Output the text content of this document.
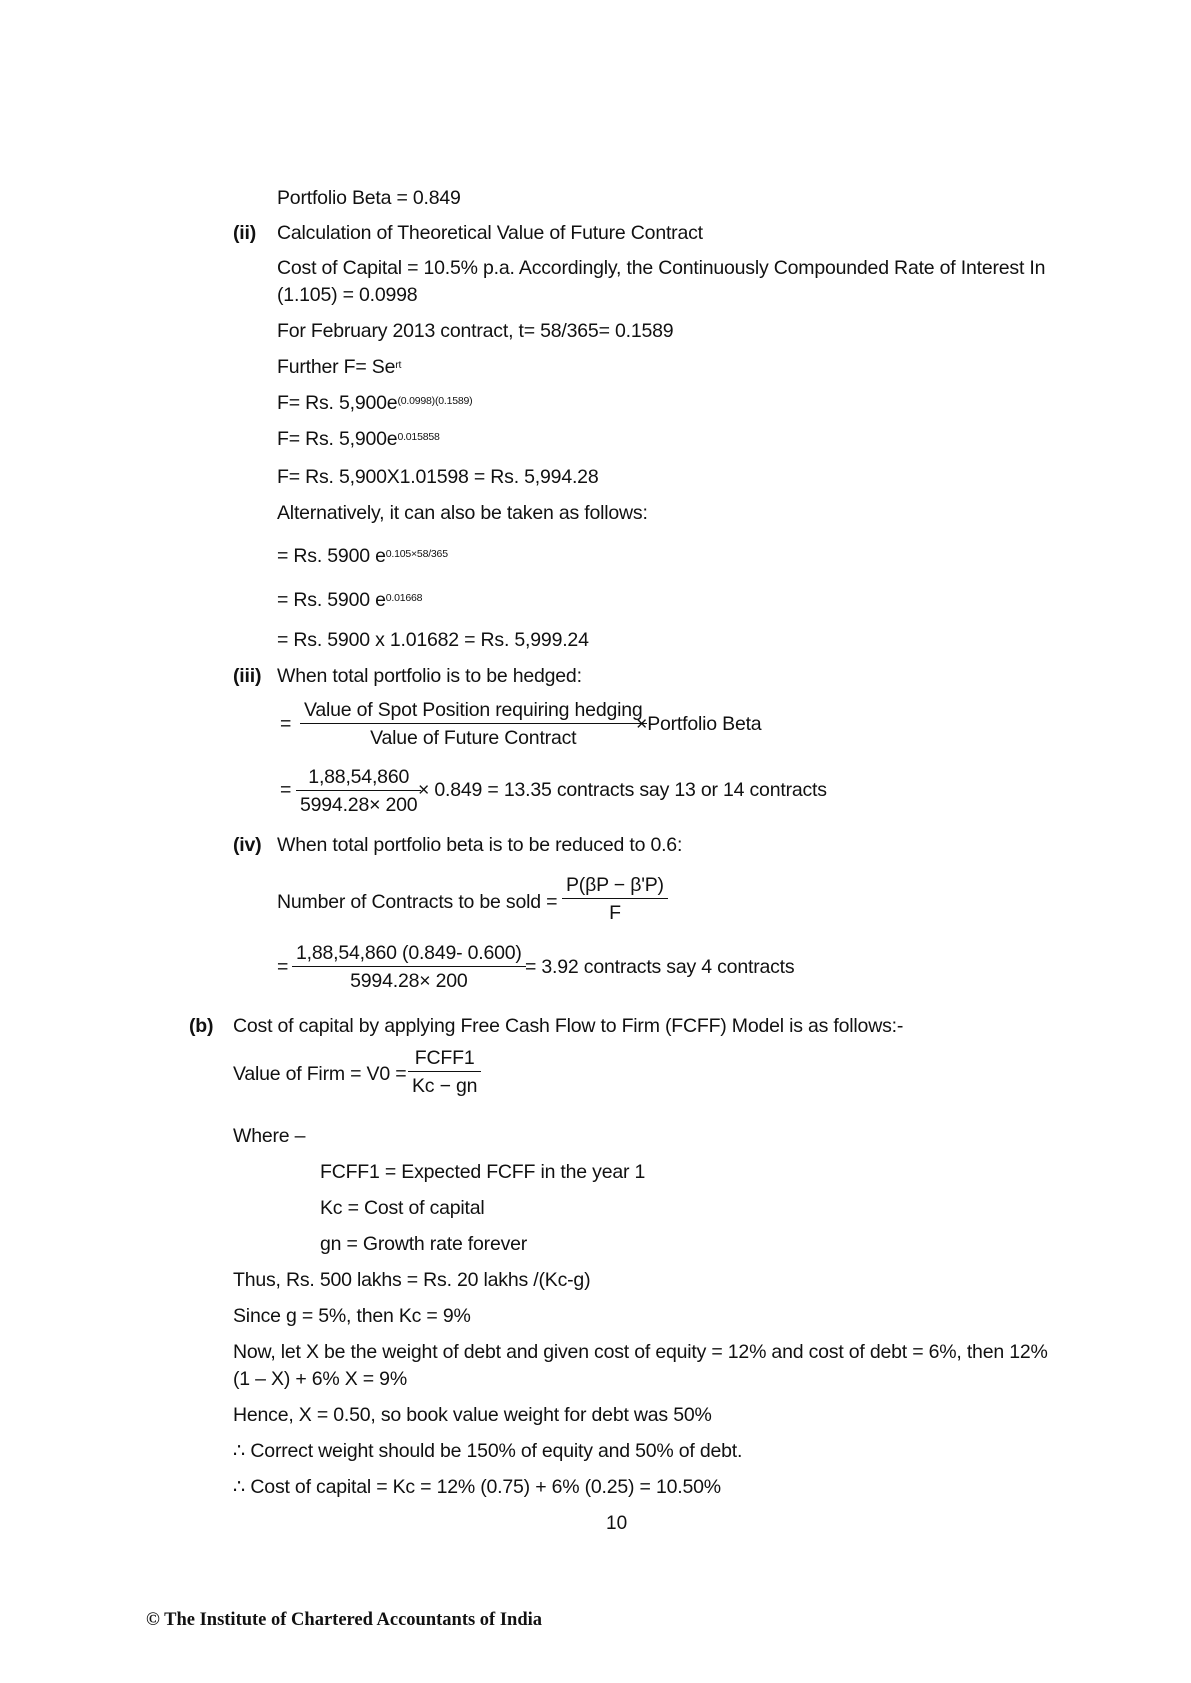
Portfolio Beta = 0.849
(ii) Calculation of Theoretical Value of Future Contract
Cost of Capital = 10.5% p.a. Accordingly, the Continuously Compounded Rate of Interest In
(1.105) = 0.0998
For February 2013 contract, t= 58/365= 0.1589
Further $F= Se^{rt}$
F= Rs. $5,900e^{(0.0998)(0.1589)}$
F= Rs. $5,900e^{0.015858}$
F= Rs. 5,900X1.01598 = Rs. 5,994.28
Alternatively, it can also be taken as follows:
= Rs. 5900 $e^{0.105\times 58/365}$
= Rs. 5900 $e^{0.01668}$
= Rs. 5900 x 1.01682 = Rs. 5,999.24
(iii) When total portfolio is to be hedged:
=
Value of Spot Position requiring hedging
Value of Future Contract
×Portfolio Beta
= $\frac{1,88,54,860}{5994.28\times 200}$
× 0.849 = 13.35 contracts say 13 or 14 contracts
(iv) When total portfolio beta is to be reduced to 0.6:
Number of Contracts to be sold = $\frac{P(\beta P - \beta'P)}{F}$
= $\frac{1,88,54,860 (0.849- 0.600)}{5994.28\times 200} = 3.92$ contracts say 4 contracts
(b) Cost of capital by applying Free Cash Flow to Firm (FCFF) Model is as follows:-
Value of Firm = V0 =
FCFF1
Kc − gn
Where –
FCFF1 = Expected FCFF in the year 1
Kc = Cost of capital
gn = Growth rate forever
Thus, Rs. 500 lakhs = Rs. 20 lakhs /(Kc-g)
Since g = 5%, then Kc = 9%
Now, let X be the weight of debt and given cost of equity = 12% and cost of debt = 6%, then 12%
(1 – X) + 6% X = 9%
Hence, X = 0.50, so book value weight for debt was 50%
∴ Correct weight should be 150% of equity and 50% of debt.
∴ Cost of capital = Kc = 12% (0.75) + 6% (0.25) = 10.50%
10
© The Institute of Chartered Accountants of India
